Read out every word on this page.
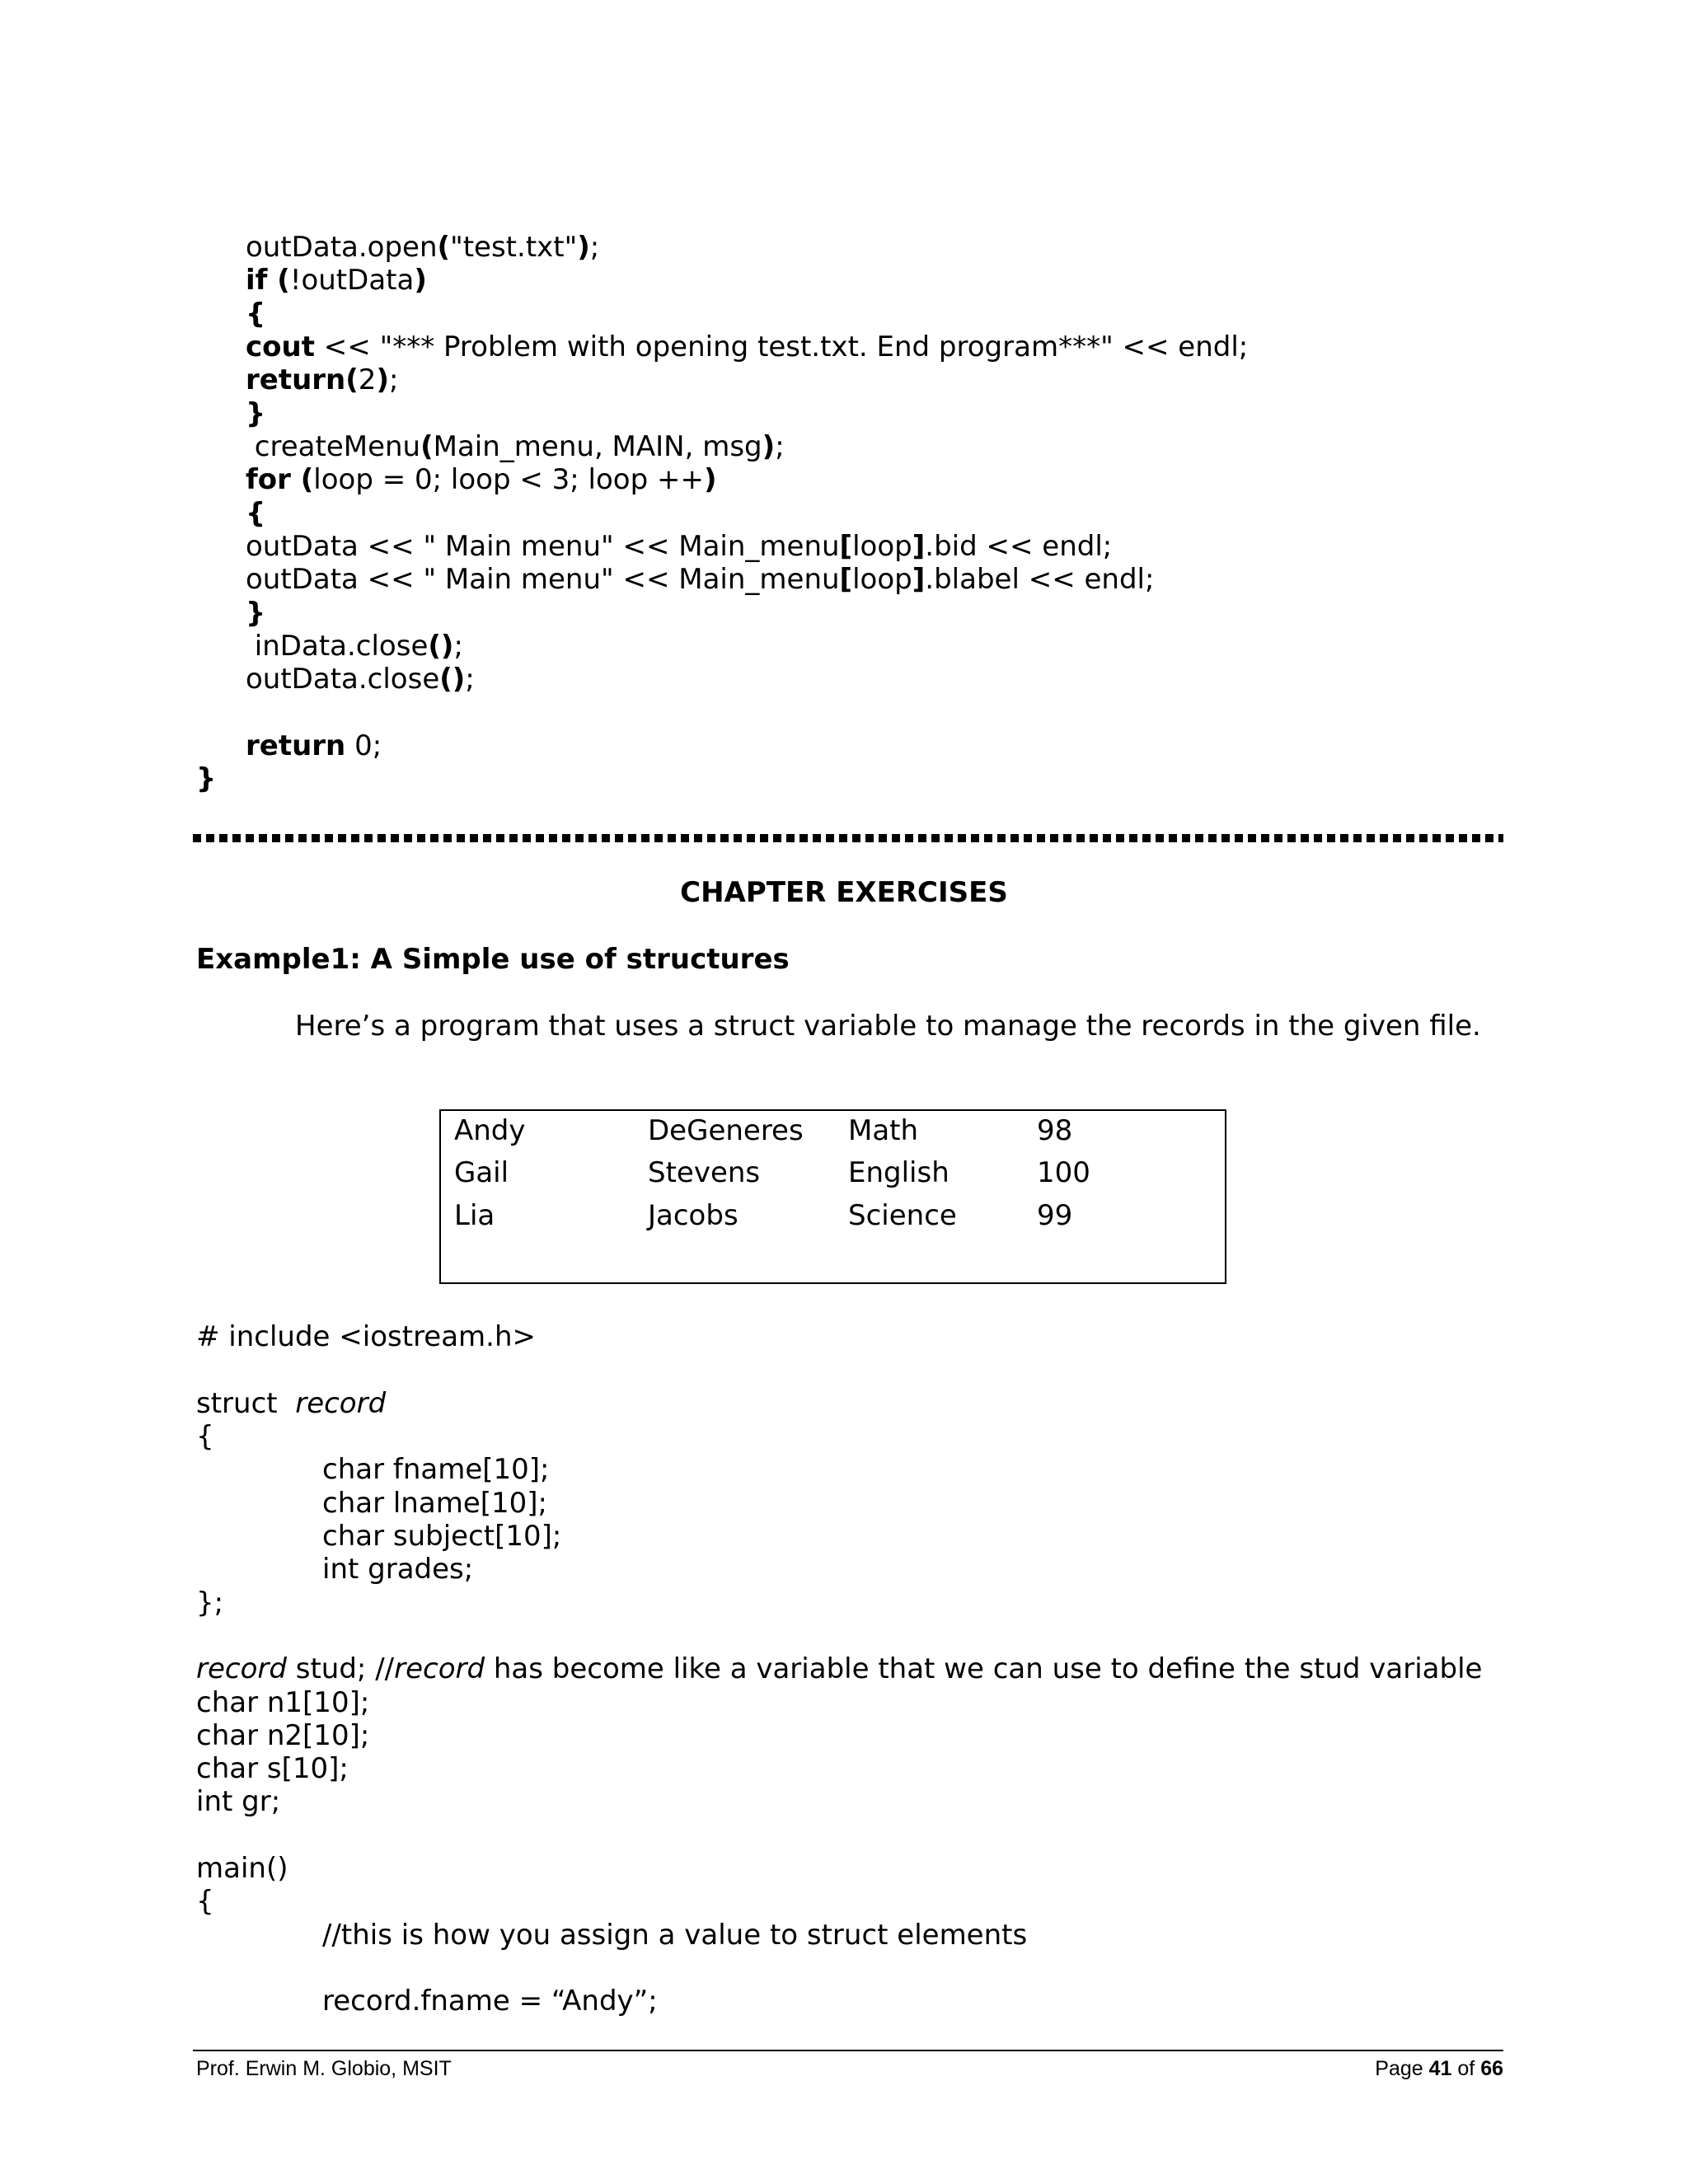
outData.open("test.txt");
if (!outData)
{
cout << "*** Problem with opening test.txt. End program***" << endl;
return(2);
}
createMenu(Main_menu, MAIN, msg);
for (loop = 0; loop < 3; loop ++)
{
outData << " Main menu" << Main_menu[loop].bid << endl;
outData << " Main menu" << Main_menu[loop].blabel << endl;
}
inData.close();
outData.close();
return 0;
}
CHAPTER EXERCISES
Example1: A Simple use of structures
Here’s a program that uses a struct variable to manage the records in the given file.
Andy	DeGeneres Math	98
Gail	Stevens	English	100
Lia	Jacobs	Science	99
# include <iostream.h>
struct  record
{
char fname[10];
char lname[10];
char subject[10];
int grades;
};
record stud; //record has become like a variable that we can use to define the stud variable
char n1[10];
char n2[10];
char s[10];
int gr;
main()
{
//this is how you assign a value to struct elements
record.fname = “Andy”;
Prof. Erwin M. Globio, MSIT	Page 41 of 66
